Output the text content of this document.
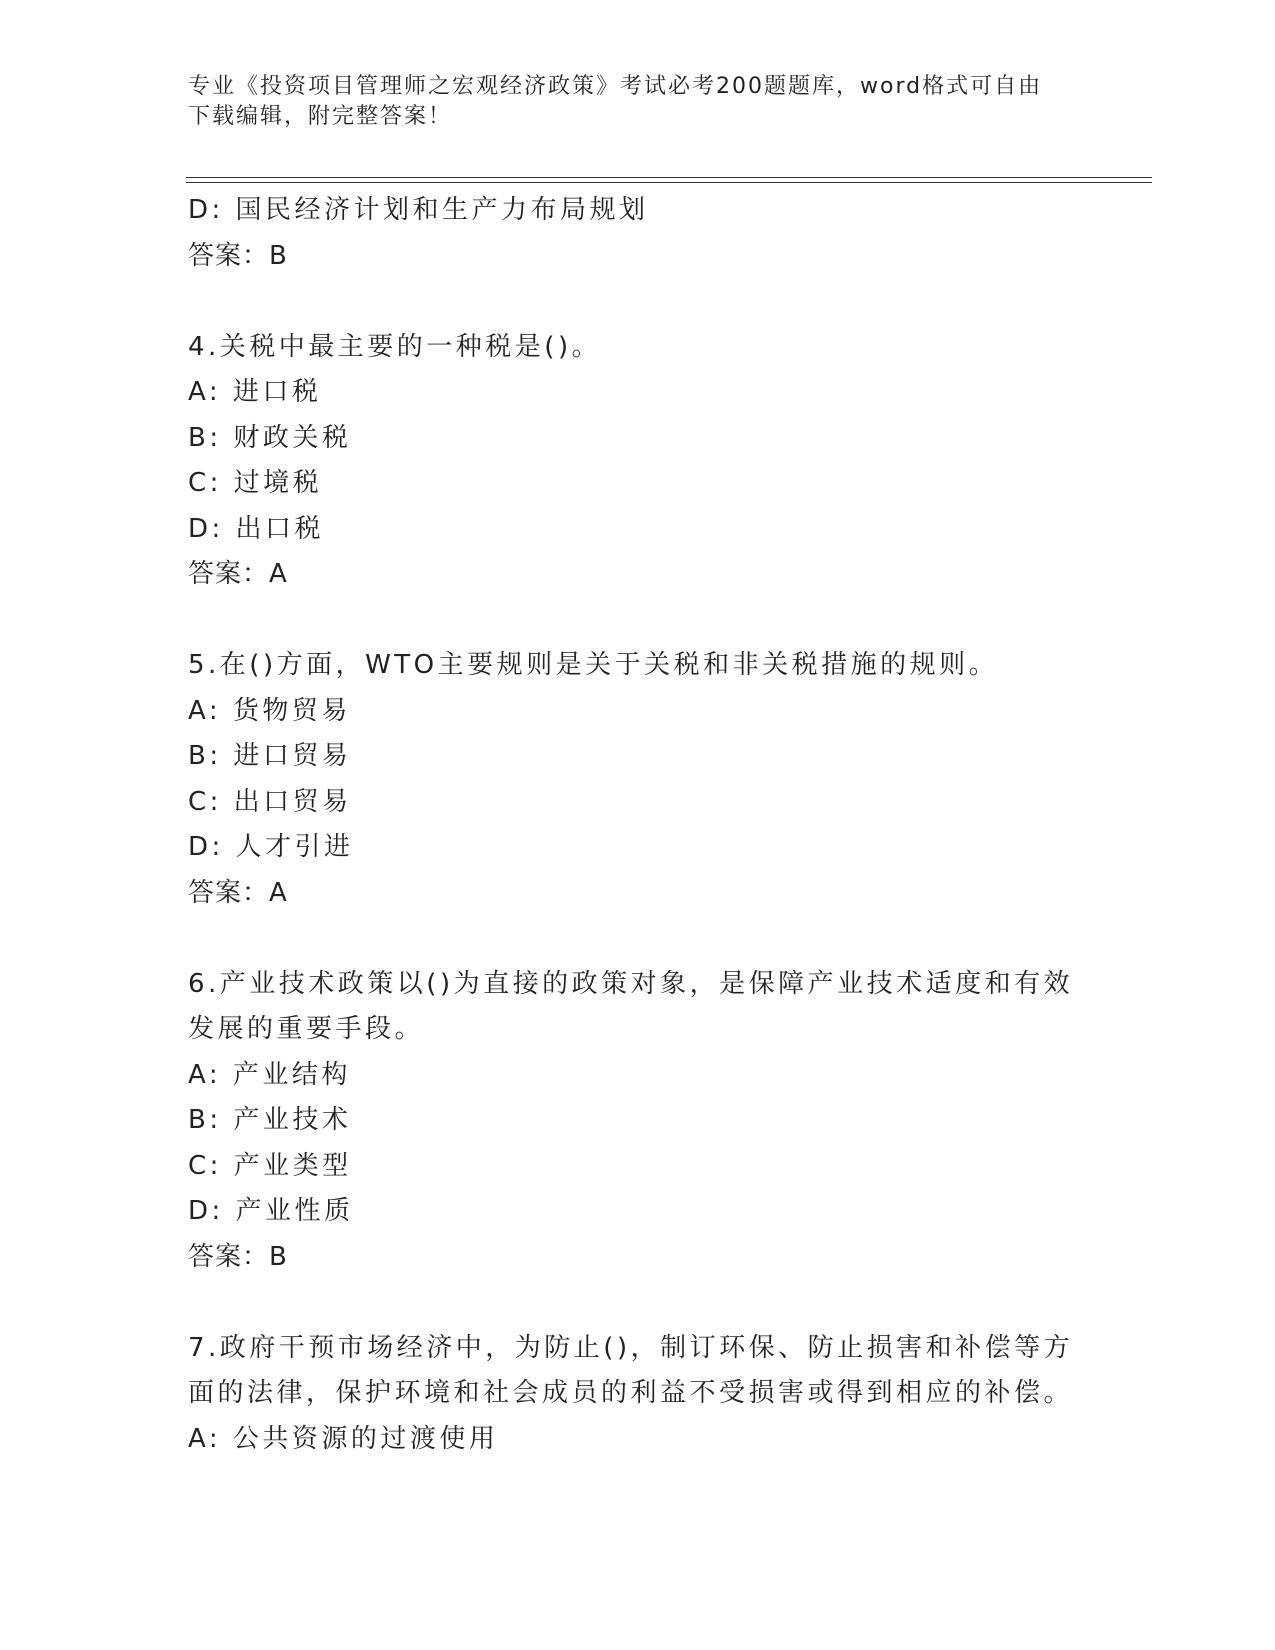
专业《投资项目管理师之宏观经济政策》考试必考200题题库，word格式可自由
下载编辑，附完整答案！
D: 国民经济计划和生产力布局规划
答案：B
4.关税中最主要的一种税是()。
A: 进口税
B: 财政关税
C: 过境税
D: 出口税
答案：A
5.在()方面，WTO主要规则是关于关税和非关税措施的规则。
A: 货物贸易
B: 进口贸易
C: 出口贸易
D: 人才引进
答案：A
6.产业技术政策以()为直接的政策对象，是保障产业技术适度和有效
发展的重要手段。
A: 产业结构
B: 产业技术
C: 产业类型
D: 产业性质
答案：B
7.政府干预市场经济中，为防止()，制订环保、防止损害和补偿等方
面的法律，保护环境和社会成员的利益不受损害或得到相应的补偿。
A: 公共资源的过渡使用
